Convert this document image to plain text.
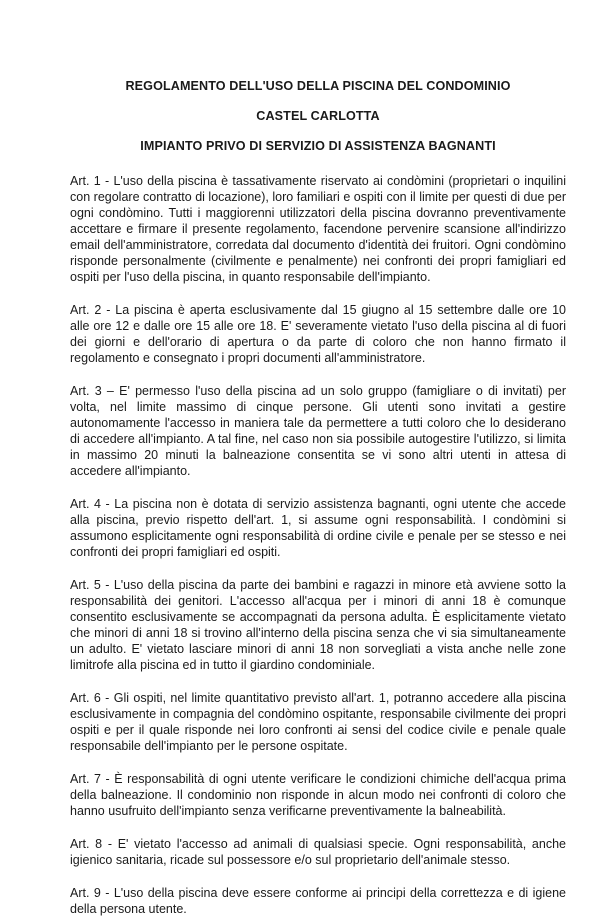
REGOLAMENTO DELL'USO DELLA PISCINA DEL CONDOMINIO
CASTEL CARLOTTA
IMPIANTO PRIVO DI SERVIZIO DI ASSISTENZA BAGNANTI

Art. 1 - L'uso della piscina è tassativamente riservato ai condòmini (proprietari o inquilini con regolare contratto di locazione), loro familiari e ospiti con il limite per questi di due per ogni condòmino. Tutti i maggiorenni utilizzatori della piscina dovranno preventivamente accettare e firmare il presente regolamento, facendone pervenire scansione all'indirizzo email dell'amministratore, corredata dal documento d'identità dei fruitori. Ogni condòmino risponde personalmente (civilmente e penalmente) nei confronti dei propri famigliari ed ospiti per l'uso della piscina, in quanto responsabile dell'impianto.

Art. 2 - La piscina è aperta esclusivamente dal 15 giugno al 15 settembre dalle ore 10 alle ore 12 e dalle ore 15 alle ore 18. E' severamente vietato l'uso della piscina al di fuori dei giorni e dell'orario di apertura o da parte di coloro che non hanno firmato il regolamento e consegnato i propri documenti all'amministratore.

Art. 3 – E' permesso l'uso della piscina ad un solo gruppo (famigliare o di invitati) per volta, nel limite massimo di cinque persone. Gli utenti sono invitati a gestire autonomamente l'accesso in maniera tale da permettere a tutti coloro che lo desiderano di accedere all'impianto. A tal fine, nel caso non sia possibile autogestire l'utilizzo, si limita in massimo 20 minuti la balneazione consentita se vi sono altri utenti in attesa di accedere all'impianto.

Art. 4 - La piscina non è dotata di servizio assistenza bagnanti, ogni utente che accede alla piscina, previo rispetto dell'art. 1, si assume ogni responsabilità. I condòmini si assumono esplicitamente ogni responsabilità di ordine civile e penale per se stesso e nei confronti dei propri famigliari ed ospiti.

Art. 5 - L'uso della piscina da parte dei bambini e ragazzi in minore età avviene sotto la responsabilità dei genitori. L'accesso all'acqua per i minori di anni 18 è comunque consentito esclusivamente se accompagnati da persona adulta. È esplicitamente vietato che minori di anni 18 si trovino all'interno della piscina senza che vi sia simultaneamente un adulto. E' vietato lasciare minori di anni 18 non sorvegliati a vista anche nelle zone limitrofe alla piscina ed in tutto il giardino condominiale.

Art. 6 - Gli ospiti, nel limite quantitativo previsto all'art. 1, potranno accedere alla piscina esclusivamente in compagnia del condòmino ospitante, responsabile civilmente dei propri ospiti e per il quale risponde nei loro confronti ai sensi del codice civile e penale quale responsabile dell'impianto per le persone ospitate.

Art. 7 - È responsabilità di ogni utente verificare le condizioni chimiche dell'acqua prima della balneazione. Il condominio non risponde in alcun modo nei confronti di coloro che hanno usufruito dell'impianto senza verificarne preventivamente la balneabilità.

Art. 8 - E' vietato l'accesso ad animali di qualsiasi specie. Ogni responsabilità, anche igienico sanitaria, ricade sul possessore e/o sul proprietario dell'animale stesso.

Art. 9 - L'uso della piscina deve essere conforme ai principi della correttezza e di igiene della persona utente.
